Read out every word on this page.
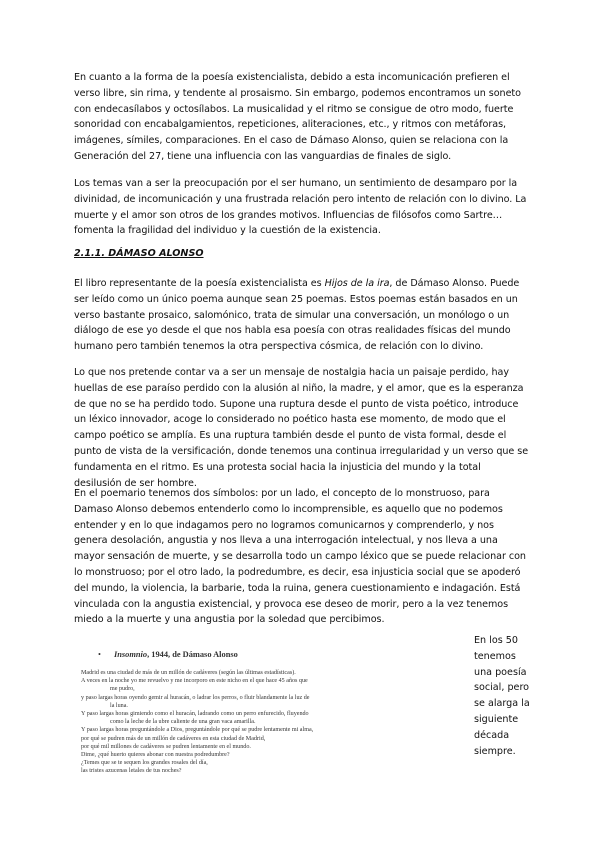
En cuanto a la forma de la poesía existencialista, debido a esta incomunicación prefieren el verso libre, sin rima, y tendente al prosaismo. Sin embargo, podemos encontramos un soneto con endecasílabos y octosílabos. La musicalidad y el ritmo se consigue de otro modo, fuerte sonoridad con encabalgamientos, repeticiones, aliteraciones, etc., y ritmos con metáforas, imágenes, símiles, comparaciones. En el caso de Dámaso Alonso, quien se relaciona con la Generación del 27, tiene una influencia con las vanguardias de finales de siglo.

Los temas van a ser la preocupación por el ser humano, un sentimiento de desamparo por la divinidad, de incomunicación y una frustrada relación pero intento de relación con lo divino. La muerte y el amor son otros de los grandes motivos. Influencias de filósofos como Sartre… fomenta la fragilidad del individuo y la cuestión de la existencia.

2.1.1. DÁMASO ALONSO

El libro representante de la poesía existencialista es Hijos de la ira, de Dámaso Alonso. Puede ser leído como un único poema aunque sean 25 poemas. Estos poemas están basados en un verso bastante prosaico, salomónico, trata de simular una conversación, un monólogo o un diálogo de ese yo desde el que nos habla esa poesía con otras realidades físicas del mundo humano pero también tenemos la otra perspectiva cósmica, de relación con lo divino.

Lo que nos pretende contar va a ser un mensaje de nostalgia hacia un paisaje perdido, hay huellas de ese paraíso perdido con la alusión al niño, la madre, y el amor, que es la esperanza de que no se ha perdido todo. Supone una ruptura desde el punto de vista poético, introduce un léxico innovador, acoge lo considerado no poético hasta ese momento, de modo que el campo poético se amplía. Es una ruptura también desde el punto de vista formal, desde el punto de vista de la versificación, donde tenemos una continua irregularidad y un verso que se fundamenta en el ritmo. Es una protesta social hacia la injusticia del mundo y la total desilusión de ser hombre.

En el poemario tenemos dos símbolos: por un lado, el concepto de lo monstruoso, para Damaso Alonso debemos entenderlo como lo incomprensible, es aquello que no podemos entender y en lo que indagamos pero no logramos comunicarnos y comprenderlo, y nos genera desolación, angustia y nos lleva a una interrogación intelectual, y nos lleva a una mayor sensación de muerte, y se desarrolla todo un campo léxico que se puede relacionar con lo monstruoso; por el otro lado, la podredumbre, es decir, esa injusticia social que se apoderó del mundo, la violencia, la barbarie, toda la ruina, genera cuestionamiento e indagación. Está vinculada con la angustia existencial, y provoca ese deseo de morir, pero a la vez tenemos miedo a la muerte y una angustia por la soledad que percibimos.

En los 50 tenemos una poesía social, pero se alarga la siguiente década siempre.

• Insomnio, 1944, de Dámaso Alonso

Madrid es una ciudad de más de un millón de cadáveres (según las últimas estadísticas).

A veces en la noche yo me revuelvo y me incorporo en este nicho en el que hace 45 años que

me pudro,

y paso largas horas oyendo gemir al huracán, o ladrar los perros, o fluir blandamente la luz de

la luna.

Y paso largas horas gimiendo como el huracán, ladrando como un perro enfurecido, fluyendo

como la leche de la ubre caliente de una gran vaca amarilla.

Y paso largas horas preguntándole a Dios, preguntándole por qué se pudre lentamente mi alma,

por qué se pudren más de un millón de cadáveres en esta ciudad de Madrid,

por qué mil millones de cadáveres se pudren lentamente en el mundo.

Dime, ¿qué huerto quieres abonar con nuestra podredumbre?

¿Temes que se te sequen los grandes rosales del día,

las tristes azucenas letales de tus noches?
